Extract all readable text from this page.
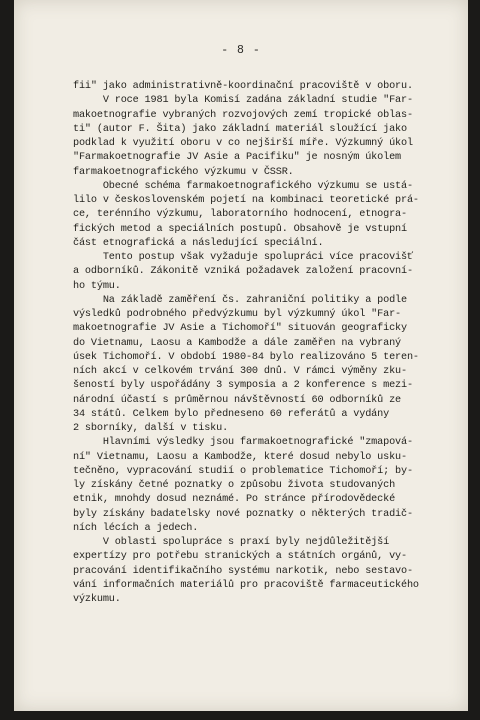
- 8 -
fii" jako administrativně-koordinační pracoviště v oboru.
V roce 1981 byla Komisí zadána základní studie "Far-
makoetnografie vybraných rozvojových zemí tropické oblas-
ti" (autor F. Šita) jako základní materiál sloužící jako
podklad k využití oboru v co nejširší míře. Výzkumný úkol
"Farmakoetnografie JV Asie a Pacifiku" je nosným úkolem
farmakoetnografického výzkumu v ČSSR.
Obecné schéma farmakoetnografického výzkumu se ustá-
lilo v československém pojetí na kombinaci teoretické prá-
ce, terénního výzkumu, laboratorního hodnocení, etnogra-
fických metod a speciálních postupů. Obsahově je vstupní
část etnografická a následující speciální.
Tento postup však vyžaduje spolupráci více pracovišť
a odborníků. Zákonitě vzniká požadavek založení pracovní-
ho týmu.
Na základě zaměření čs. zahraniční politiky a podle
výsledků podrobného předvýzkumu byl výzkumný úkol "Far-
makoetnografie JV Asie a Tichomoří" situován geograficky
do Vietnamu, Laosu a Kambodže a dále zaměřen na vybraný
úsek Tichomoří. V období 1980-84 bylo realizováno 5 teren-
ních akcí v celkovém trvání 300 dnů. V rámci výměny zku-
šeností byly uspořádány 3 symposia a 2 konference s mezi-
národní účastí s průměrnou návštěvností 60 odborníků ze
34 států. Celkem bylo předneseno 60 referátů a vydány
2 sborníky, další v tisku.
Hlavními výsledky jsou farmakoetnografické "zmapová-
ní" Vietnamu, Laosu a Kambodže, které dosud nebylo usku-
tečněno, vypracování studií o problematice Tichomoří; by-
ly získány četné poznatky o způsobu života studovaných
etnik, mnohdy dosud neznámé. Po stránce přírodovědecké
byly získány badatelsky nové poznatky o některých tradič-
ních lécích a jedech.
V oblasti spolupráce s praxí byly nejdůležitější
expertízy pro potřebu stranických a státních orgánů, vy-
pracování identifikačního systému narkotik, nebo sestavo-
vání informačních materiálů pro pracoviště farmaceutického
výzkumu.
